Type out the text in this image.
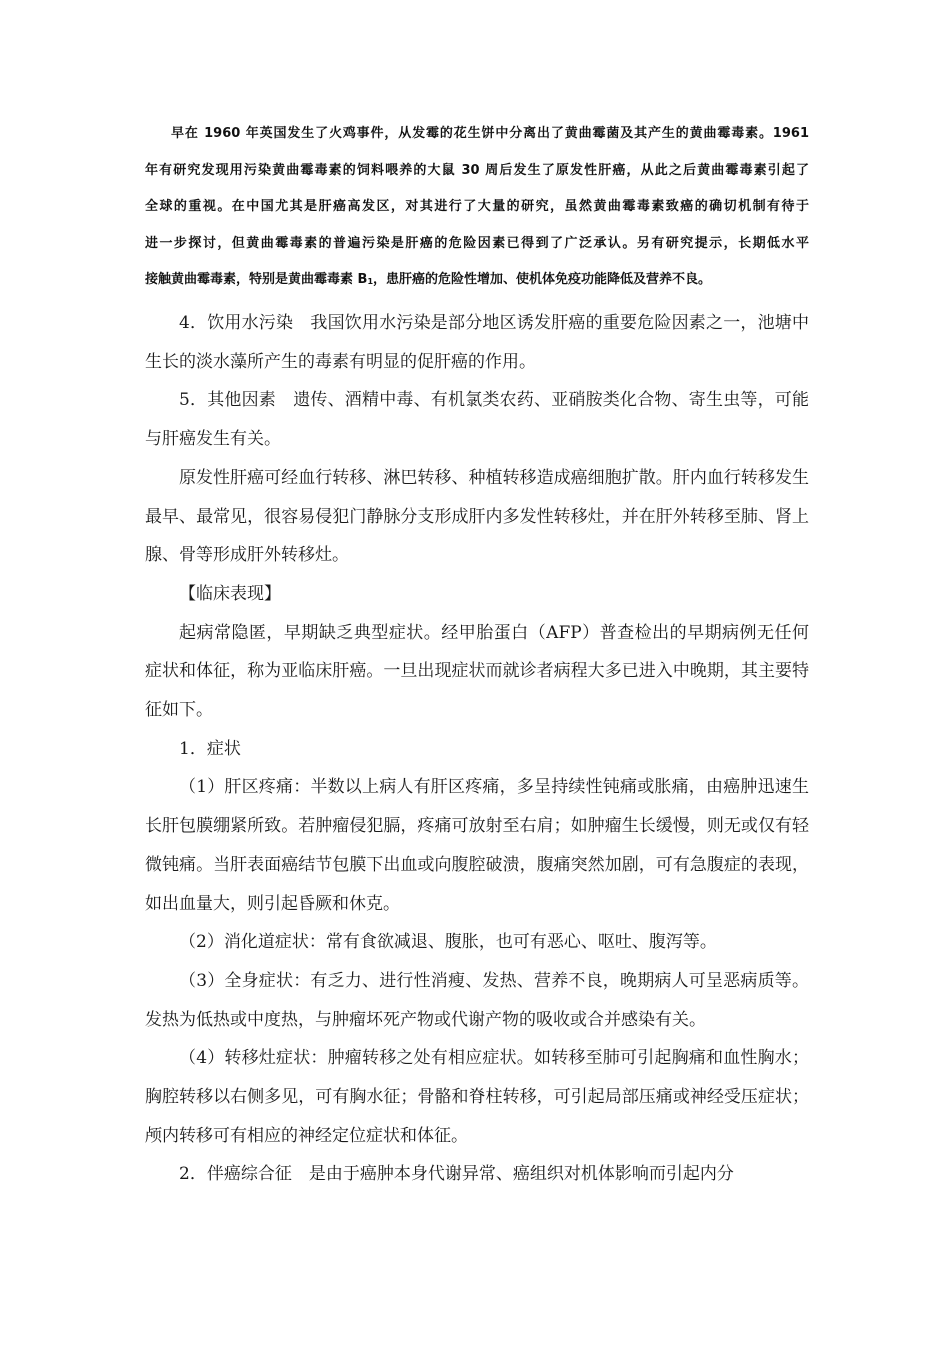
早在 1960 年英国发生了火鸡事件，从发霉的花生饼中分离出了黄曲霉菌及其产生的黄曲霉毒素。1961

年有研究发现用污染黄曲霉毒素的饲料喂养的大鼠 30 周后发生了原发性肝癌，从此之后黄曲霉毒素引起了

全球的重视。在中国尤其是肝癌高发区，对其进行了大量的研究，虽然黄曲霉毒素致癌的确切机制有待于

进一步探讨，但黄曲霉毒素的普遍污染是肝癌的危险因素已得到了广泛承认。另有研究提示，长期低水平

接触黄曲霉毒素，特别是黄曲霉毒素 $B_1$，患肝癌的危险性增加、使机体免疫功能降低及营养不良。

4．饮用水污染　我国饮用水污染是部分地区诱发肝癌的重要危险因素之一，池塘中生长的淡水藻所产生的毒素有明显的促肝癌的作用。

5．其他因素　遗传、酒精中毒、有机氯类农药、亚硝胺类化合物、寄生虫等，可能与肝癌发生有关。

原发性肝癌可经血行转移、淋巴转移、种植转移造成癌细胞扩散。肝内血行转移发生最早、最常见，很容易侵犯门静脉分支形成肝内多发性转移灶，并在肝外转移至肺、肾上腺、骨等形成肝外转移灶。

【临床表现】

起病常隐匿，早期缺乏典型症状。经甲胎蛋白（AFP）普查检出的早期病例无任何症状和体征，称为亚临床肝癌。一旦出现症状而就诊者病程大多已进入中晚期，其主要特征如下。

1．症状

（1）肝区疼痛：半数以上病人有肝区疼痛，多呈持续性钝痛或胀痛，由癌肿迅速生长肝包膜绷紧所致。若肿瘤侵犯膈，疼痛可放射至右肩；如肿瘤生长缓慢，则无或仅有轻微钝痛。当肝表面癌结节包膜下出血或向腹腔破溃，腹痛突然加剧，可有急腹症的表现，如出血量大，则引起昏厥和休克。

（2）消化道症状：常有食欲减退、腹胀，也可有恶心、呕吐、腹泻等。

（3）全身症状：有乏力、进行性消瘦、发热、营养不良，晚期病人可呈恶病质等。发热为低热或中度热，与肿瘤坏死产物或代谢产物的吸收或合并感染有关。

（4）转移灶症状：肿瘤转移之处有相应症状。如转移至肺可引起胸痛和血性胸水；胸腔转移以右侧多见，可有胸水征；骨骼和脊柱转移，可引起局部压痛或神经受压症状；颅内转移可有相应的神经定位症状和体征。

2．伴癌综合征　是由于癌肿本身代谢异常、癌组织对机体影响而引起内分
